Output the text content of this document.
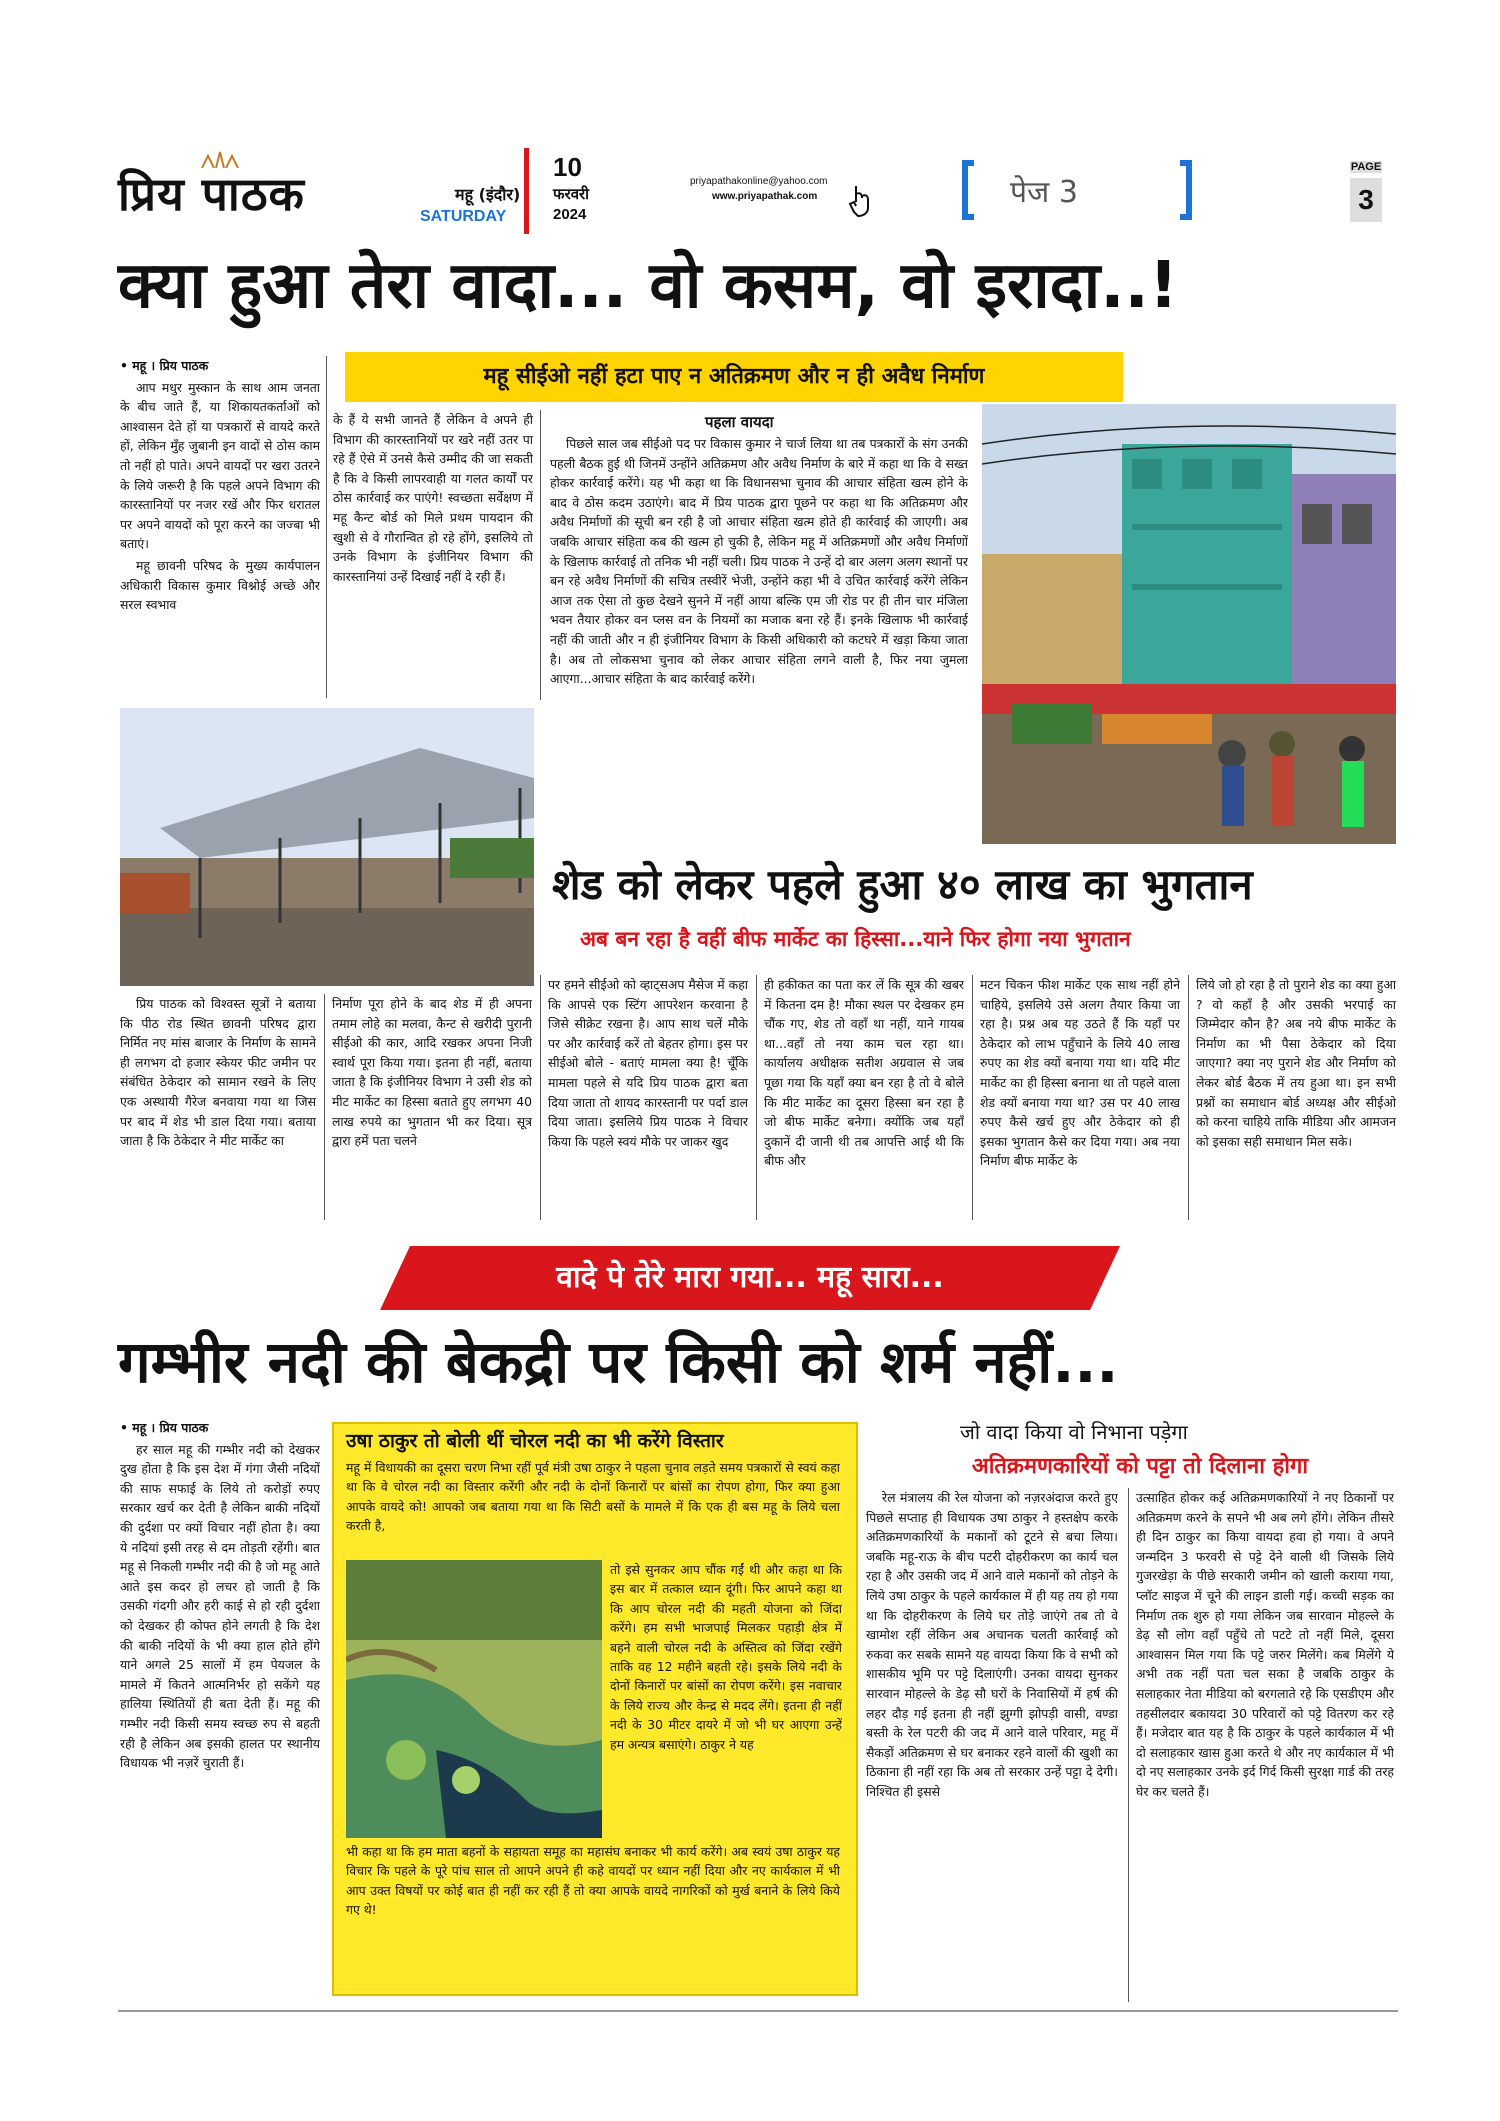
प्रिय पाठक	महू (इंदौर)
SATURDAY
10
फरवरी
2024
priyapathakonline@yahoo.com
www.priyapathak.com	पेज 3
PAGE
3
क्या हुआ तेरा वादा... वो कसम, वो इरादा..!
महू सीईओ नहीं हटा पाए न अतिक्रमण और न ही अवैध निर्माण

• महू । प्रिय पाठक

आप मधुर मुस्कान के साथ आम जनता के बीच जाते हैं, या शिकायतकर्ताओं को आश्वासन देते हों या पत्रकारों से वायदे करते हों, लेकिन मुँह जुबानी इन वादों से ठोस काम तो नहीं हो पाते। अपने वायदों पर खरा उतरने के लिये जरूरी है कि पहले अपने विभाग की कारस्तानियों पर नजर रखें और फिर धरातल पर अपने वायदों को पूरा करने का जज्बा भी बताएं।

महू छावनी परिषद के मुख्य कार्यपालन अधिकारी विकास कुमार विश्नोई अच्छे और सरल स्वभाव

के हैं ये सभी जानते हैं लेकिन वे अपने ही विभाग की कारस्तानियों पर खरे नहीं उतर पा रहे हैं ऐसे में उनसे कैसे उम्मीद की जा सकती है कि वे किसी लापरवाही या गलत कार्यों पर ठोस कार्रवाई कर पाएंगे! स्वच्छता सर्वेक्षण में महू कैन्ट बोर्ड को मिले प्रथम पायदान की खुशी से वे गौरान्वित हो रहे होंगे, इसलिये तो उनके विभाग के इंजीनियर विभाग की कारस्तानियां उन्हें दिखाई नहीं दे रही हैं।

पहला वायदा

पिछले साल जब सीईओ पद पर विकास कुमार ने चार्ज लिया था तब पत्रकारों के संग उनकी पहली बैठक हुई थी जिनमें उन्होंने अतिक्रमण और अवैध निर्माण के बारे में कहा था कि वे सख्त होकर कार्रवाई करेंगे। यह भी कहा था कि विधानसभा चुनाव की आचार संहिता खत्म होने के बाद वे ठोस कदम उठाएंगे। बाद में प्रिय पाठक द्वारा पूछने पर कहा था कि अतिक्रमण और अवैध निर्माणों की सूची बन रही है जो आचार संहिता खत्म होते ही कार्रवाई की जाएगी। अब जबकि आचार संहिता कब की खत्म हो चुकी है, लेकिन महू में अतिक्रमणों और अवैध निर्माणों के खिलाफ कार्रवाई तो तनिक भी नहीं चली। प्रिय पाठक ने उन्हें दो बार अलग अलग स्थानों पर बन रहे अवैध निर्माणों की सचित्र तस्वीरें भेजी, उन्होंने कहा भी वे उचित कार्रवाई करेंगे लेकिन आज तक ऐसा तो कुछ देखने सुनने में नहीं आया बल्कि एम जी रोड पर ही तीन चार मंजिला भवन तैयार होकर वन प्लस वन के नियमों का मजाक बना रहे हैं। इनके खिलाफ भी कार्रवाई नहीं की जाती और न ही इंजीनियर विभाग के किसी अधिकारी को कटघरे में खड़ा किया जाता है। अब तो लोकसभा चुनाव को लेकर आचार संहिता लगने वाली है, फिर नया जुमला आएगा...आचार संहिता के बाद कार्रवाई करेंगे।

शेड को लेकर पहले हुआ ४० लाख का भुगतान
अब बन रहा है वहीं बीफ मार्केट का हिस्सा...याने फिर होगा नया भुगतान

प्रिय पाठक को विश्वस्त सूत्रों ने बताया कि पीठ रोड स्थित छावनी परिषद द्वारा निर्मित नए मांस बाजार के निर्माण के सामने ही लगभग दो हजार स्केयर फीट जमीन पर संबंधित ठेकेदार को सामान रखने के लिए एक अस्थायी गैरेज बनवाया गया था जिस पर बाद में शेड भी डाल दिया गया। बताया जाता है कि ठेकेदार ने मीट मार्केट का

निर्माण पूरा होने के बाद शेड में ही अपना तमाम लोहे का मलवा, कैन्ट से खरीदी पुरानी सीईओ की कार, आदि रखकर अपना निजी स्वार्थ पूरा किया गया। इतना ही नहीं, बताया जाता है कि इंजीनियर विभाग ने उसी शेड को मीट मार्केट का हिस्सा बताते हुए लगभग 40 लाख रुपये का भुगतान भी कर दिया। सूत्र द्वारा हमें पता चलने

पर हमने सीईओ को व्हाट्सअप मैसेज में कहा कि आपसे एक स्टिंग आपरेशन करवाना है जिसे सीक्रेट रखना है। आप साथ चलें मौके पर और कार्रवाई करें तो बेहतर होगा। इस पर सीईओ बोले - बताएं मामला क्या है! चूँकि मामला पहले से यदि प्रिय पाठक द्वारा बता दिया जाता तो शायद कारस्तानी पर पर्दा डाल दिया जाता। इसलिये प्रिय पाठक ने विचार किया कि पहले स्वयं मौके पर जाकर खुद

ही हकीकत का पता कर लें कि सूत्र की खबर में कितना दम है! मौका स्थल पर देखकर हम चौंक गए, शेड तो वहाँ था नहीं, याने गायब था...वहाँ तो नया काम चल रहा था। कार्यालय अधीक्षक सतीश अग्रवाल से जब पूछा गया कि यहाँ क्या बन रहा है तो वे बोले कि मीट मार्केट का दूसरा हिस्सा बन रहा है जो बीफ मार्केट बनेगा। क्योंकि जब यहाँ दुकानें दी जानी थी तब आपत्ति आई थी कि बीफ और

मटन चिकन फीश मार्केट एक साथ नहीं होने चाहिये, इसलिये उसे अलग तैयार किया जा रहा है। प्रश्न अब यह उठते हैं कि यहाँ पर ठेकेदार को लाभ पहुँचाने के लिये 40 लाख रुपए का शेड क्यों बनाया गया था। यदि मीट मार्केट का ही हिस्सा बनाना था तो पहले वाला शेड क्यों बनाया गया था? उस पर 40 लाख रुपए कैसे खर्च हुए और ठेकेदार को ही इसका भुगतान कैसे कर दिया गया। अब नया निर्माण बीफ मार्केट के

लिये जो हो रहा है तो पुराने शेड का क्या हुआ ? वो कहाँ है और उसकी भरपाई का जिम्मेदार कौन है? अब नये बीफ मार्केट के निर्माण का भी पैसा ठेकेदार को दिया जाएगा? क्या नए पुराने शेड और निर्माण को लेकर बोर्ड बैठक में तय हुआ था। इन सभी प्रश्नों का समाधान बोर्ड अध्यक्ष और सीईओ को करना चाहिये ताकि मीडिया और आमजन को इसका सही समाधान मिल सके।

वादे पे तेरे मारा गया... महू सारा...
गम्भीर नदी की बेकद्री पर किसी को शर्म नहीं...

• महू । प्रिय पाठक

हर साल महू की गम्भीर नदी को देखकर दुख होता है कि इस देश में गंगा जैसी नदियों की साफ सफाई के लिये तो करोड़ों रुपए सरकार खर्च कर देती है लेकिन बाकी नदियों की दुर्दशा पर क्यों विचार नहीं होता है। क्या ये नदियां इसी तरह से दम तोड़ती रहेंगी। बात महू से निकली गम्भीर नदी की है जो महू आते आते इस कदर हो लचर हो जाती है कि उसकी गंदगी और हरी काई से हो रही दुर्दशा को देखकर ही कोफ्त होने लगती है कि देश की बाकी नदियों के भी क्या हाल होते होंगे याने अगले 25 सालों में हम पेयजल के मामले में कितने आत्मनिर्भर हो सकेंगे यह हालिया स्थितियों ही बता देती हैं। महू की गम्भीर नदी किसी समय स्वच्छ रुप से बहती रही है लेकिन अब इसकी हालत पर स्थानीय विधायक भी नज़रें चुराती हैं।

उषा ठाकुर तो बोली थीं चोरल नदी का भी करेंगे विस्तार

महू में विधायकी का दूसरा चरण निभा रहीं पूर्व मंत्री उषा ठाकुर ने पहला चुनाव लड़ते समय पत्रकारों से स्वयं कहा था कि वे चोरल नदी का विस्तार करेंगी और नदी के दोनों किनारों पर बांसों का रोपण होगा, फिर क्या हुआ आपके वायदे को! आपको जब बताया गया था कि सिटी बसों के मामले में कि एक ही बस महू के लिये चला करती है,

तो इसे सुनकर आप चौंक गईं थी और कहा था कि इस बार में तत्काल ध्यान दूंगी। फिर आपने कहा था कि आप चोरल नदी की महती योजना को जिंदा करेंगे। हम सभी भाजपाई मिलकर पहाड़ी क्षेत्र में बहने वाली चोरल नदी के अस्तित्व को जिंदा रखेंगे ताकि वह 12 महीने बहती रहे। इसके लिये नदी के दोनों किनारों पर बांसों का रोपण करेंगे। इस नवाचार के लिये राज्य और केन्द्र से मदद लेंगे। इतना ही नहीं नदी के 30 मीटर दायरे में जो भी घर आएगा उन्हें हम अन्यत्र बसाएंगे। ठाकुर ने यह

भी कहा था कि हम माता बहनों के सहायता समूह का महासंघ बनाकर भी कार्य करेंगे। अब स्वयं उषा ठाकुर यह विचार कि पहले के पूरे पांच साल तो आपने अपने ही कहे वायदों पर ध्यान नहीं दिया और नए कार्यकाल में भी आप उक्त विषयों पर कोई बात ही नहीं कर रही हैं तो क्या आपके वायदे नागरिकों को मुर्ख बनाने के लिये किये गए थे!

जो वादा किया वो निभाना पड़ेगा
अतिक्रमणकारियों को पट्टा तो दिलाना होगा

रेल मंत्रालय की रेल योजना को नज़रअंदाज करते हुए पिछले सप्ताह ही विधायक उषा ठाकुर ने हस्तक्षेप करके अतिक्रमणकारियों के मकानों को टूटने से बचा लिया। जबकि महू-राऊ के बीच पटरी दोहरीकरण का कार्य चल रहा है और उसकी जद में आने वाले मकानों को तोड़ने के लिये उषा ठाकुर के पहले कार्यकाल में ही यह तय हो गया था कि दोहरीकरण के लिये घर तोड़े जाएंगे तब तो वे खामोश रहीं लेकिन अब अचानक चलती कार्रवाई को रुकवा कर सबके सामने यह वायदा किया कि वे सभी को शासकीय भूमि पर पट्टे दिलाएंगी। उनका वायदा सुनकर सारवान मोहल्ले के डेढ़ सौ घरों के निवासियों में हर्ष की लहर दौड़ गई इतना ही नहीं झुग्गी झोपड़ी वासी, वण्डा बस्ती के रेल पटरी की जद में आने वाले परिवार, महू में सैकड़ों अतिक्रमण से घर बनाकर रहने वालों की खुशी का ठिकाना ही नहीं रहा कि अब तो सरकार उन्हें पट्टा दे देगी। निश्चित ही इससे

उत्साहित होकर कई अतिक्रमणकारियों ने नए ठिकानों पर अतिक्रमण करने के सपने भी अब लगे होंगे। लेकिन तीसरे ही दिन ठाकुर का किया वायदा हवा हो गया। वे अपने जन्मदिन 3 फरवरी से पट्टे देने वाली थी जिसके लिये गुजरखेड़ा के पीछे सरकारी जमीन को खाली कराया गया, प्लॉट साइज में चूने की लाइन डाली गई। कच्ची सड़क का निर्माण तक शुरु हो गया लेकिन जब सारवान मोहल्ले के डेढ़ सौ लोग वहाँ पहुँचे तो पटटे तो नहीं मिले, दूसरा आश्वासन मिल गया कि पट्टे जरुर मिलेंगे। कब मिलेंगे ये अभी तक नहीं पता चल सका है जबकि ठाकुर के सलाहकार नेता मीडिया को बरगलाते रहे कि एसडीएम और तहसीलदार बकायदा 30 परिवारों को पट्टे वितरण कर रहे हैं। मजेदार बात यह है कि ठाकुर के पहले कार्यकाल में भी दो सलाहकार खास हुआ करते थे और नए कार्यकाल में भी दो नए सलाहकार उनके इर्द गिर्द किसी सुरक्षा गार्ड की तरह घेर कर चलते हैं।
